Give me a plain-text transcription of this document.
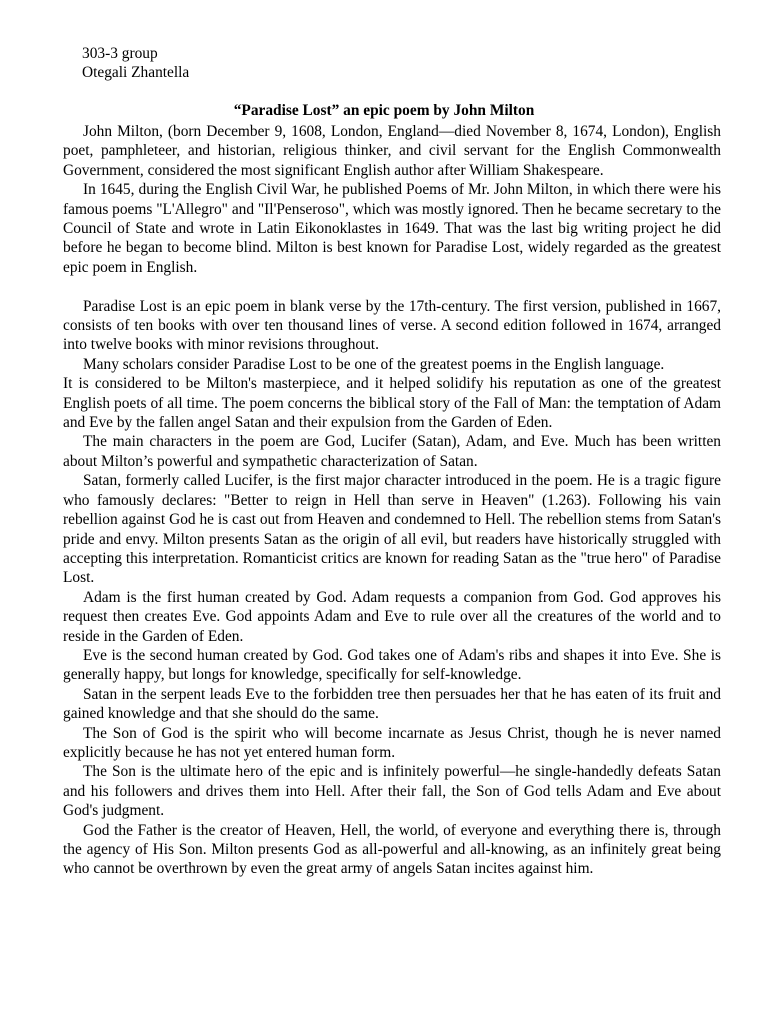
303-3 group
Otegali Zhantella
“Paradise Lost” an epic poem by John Milton

John Milton, (born December 9, 1608, London, England—died November 8, 1674, London), English poet, pamphleteer, and historian, religious thinker, and civil servant for the English Commonwealth Government, considered the most significant English author after William Shakespeare.

In 1645, during the English Civil War, he published Poems of Mr. John Milton, in which there were his famous poems "L'Allegro" and "Il'Penseroso", which was mostly ignored. Then he became secretary to the Council of State and wrote in Latin Eikonoklastes in 1649. That was the last big writing project he did before he began to become blind. Milton is best known for Paradise Lost, widely regarded as the greatest epic poem in English.

Paradise Lost is an epic poem in blank verse by the 17th-century. The first version, published in 1667, consists of ten books with over ten thousand lines of verse. A second edition followed in 1674, arranged into twelve books with minor revisions throughout.

Many scholars consider Paradise Lost to be one of the greatest poems in the English language.

It is considered to be Milton's masterpiece, and it helped solidify his reputation as one of the greatest English poets of all time. The poem concerns the biblical story of the Fall of Man: the temptation of Adam and Eve by the fallen angel Satan and their expulsion from the Garden of Eden.

The main characters in the poem are God, Lucifer (Satan), Adam, and Eve. Much has been written about Milton’s powerful and sympathetic characterization of Satan.

Satan, formerly called Lucifer, is the first major character introduced in the poem. He is a tragic figure who famously declares: "Better to reign in Hell than serve in Heaven" (1.263). Following his vain rebellion against God he is cast out from Heaven and condemned to Hell. The rebellion stems from Satan's pride and envy. Milton presents Satan as the origin of all evil, but readers have historically struggled with accepting this interpretation. Romanticist critics are known for reading Satan as the "true hero" of Paradise Lost.

Adam is the first human created by God. Adam requests a companion from God. God approves his request then creates Eve. God appoints Adam and Eve to rule over all the creatures of the world and to reside in the Garden of Eden.

Eve is the second human created by God. God takes one of Adam's ribs and shapes it into Eve. She is generally happy, but longs for knowledge, specifically for self-knowledge.

Satan in the serpent leads Eve to the forbidden tree then persuades her that he has eaten of its fruit and gained knowledge and that she should do the same.

The Son of God is the spirit who will become incarnate as Jesus Christ, though he is never named explicitly because he has not yet entered human form.

The Son is the ultimate hero of the epic and is infinitely powerful—he single-handedly defeats Satan and his followers and drives them into Hell. After their fall, the Son of God tells Adam and Eve about God's judgment.

God the Father is the creator of Heaven, Hell, the world, of everyone and everything there is, through the agency of His Son. Milton presents God as all-powerful and all-knowing, as an infinitely great being who cannot be overthrown by even the great army of angels Satan incites against him.
